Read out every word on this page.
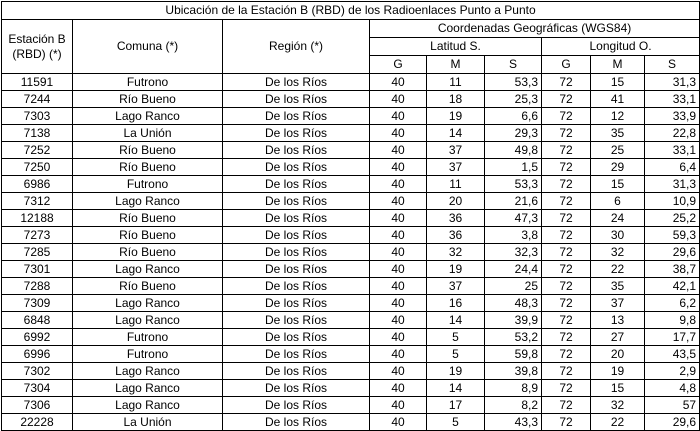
Ubicación de la Estación B (RBD) de los Radioenlaces Punto a Punto								
Estación B (RBD) (*)	Comuna (*)	Región (*)	Coordenadas Geográficas (WGS84)					
			Latitud S.			Longitud O.		
			G	M	S	G	M	S
11591	Futrono	De los Ríos	40	11	53,3	72	15	31,3
7244	Río Bueno	De los Ríos	40	18	25,3	72	41	33,1
7303	Lago Ranco	De los Ríos	40	19	6,6	72	12	33,9
7138	La Unión	De los Ríos	40	14	29,3	72	35	22,8
7252	Río Bueno	De los Ríos	40	37	49,8	72	25	33,1
7250	Río Bueno	De los Ríos	40	37	1,5	72	29	6,4
6986	Futrono	De los Ríos	40	11	53,3	72	15	31,3
7312	Lago Ranco	De los Ríos	40	20	21,6	72	6	10,9
12188	Río Bueno	De los Ríos	40	36	47,3	72	24	25,2
7273	Río Bueno	De los Ríos	40	36	3,8	72	30	59,3
7285	Río Bueno	De los Ríos	40	32	32,3	72	32	29,6
7301	Lago Ranco	De los Ríos	40	19	24,4	72	22	38,7
7288	Río Bueno	De los Ríos	40	37	25	72	35	42,1
7309	Lago Ranco	De los Ríos	40	16	48,3	72	37	6,2
6848	Lago Ranco	De los Ríos	40	14	39,9	72	13	9,8
6992	Futrono	De los Ríos	40	5	53,2	72	27	17,7
6996	Futrono	De los Ríos	40	5	59,8	72	20	43,5
7302	Lago Ranco	De los Ríos	40	19	39,8	72	19	2,9
7304	Lago Ranco	De los Ríos	40	14	8,9	72	15	4,8
7306	Lago Ranco	De los Ríos	40	17	8,2	72	32	57
22228	La Unión	De los Ríos	40	5	43,3	72	22	29,6
